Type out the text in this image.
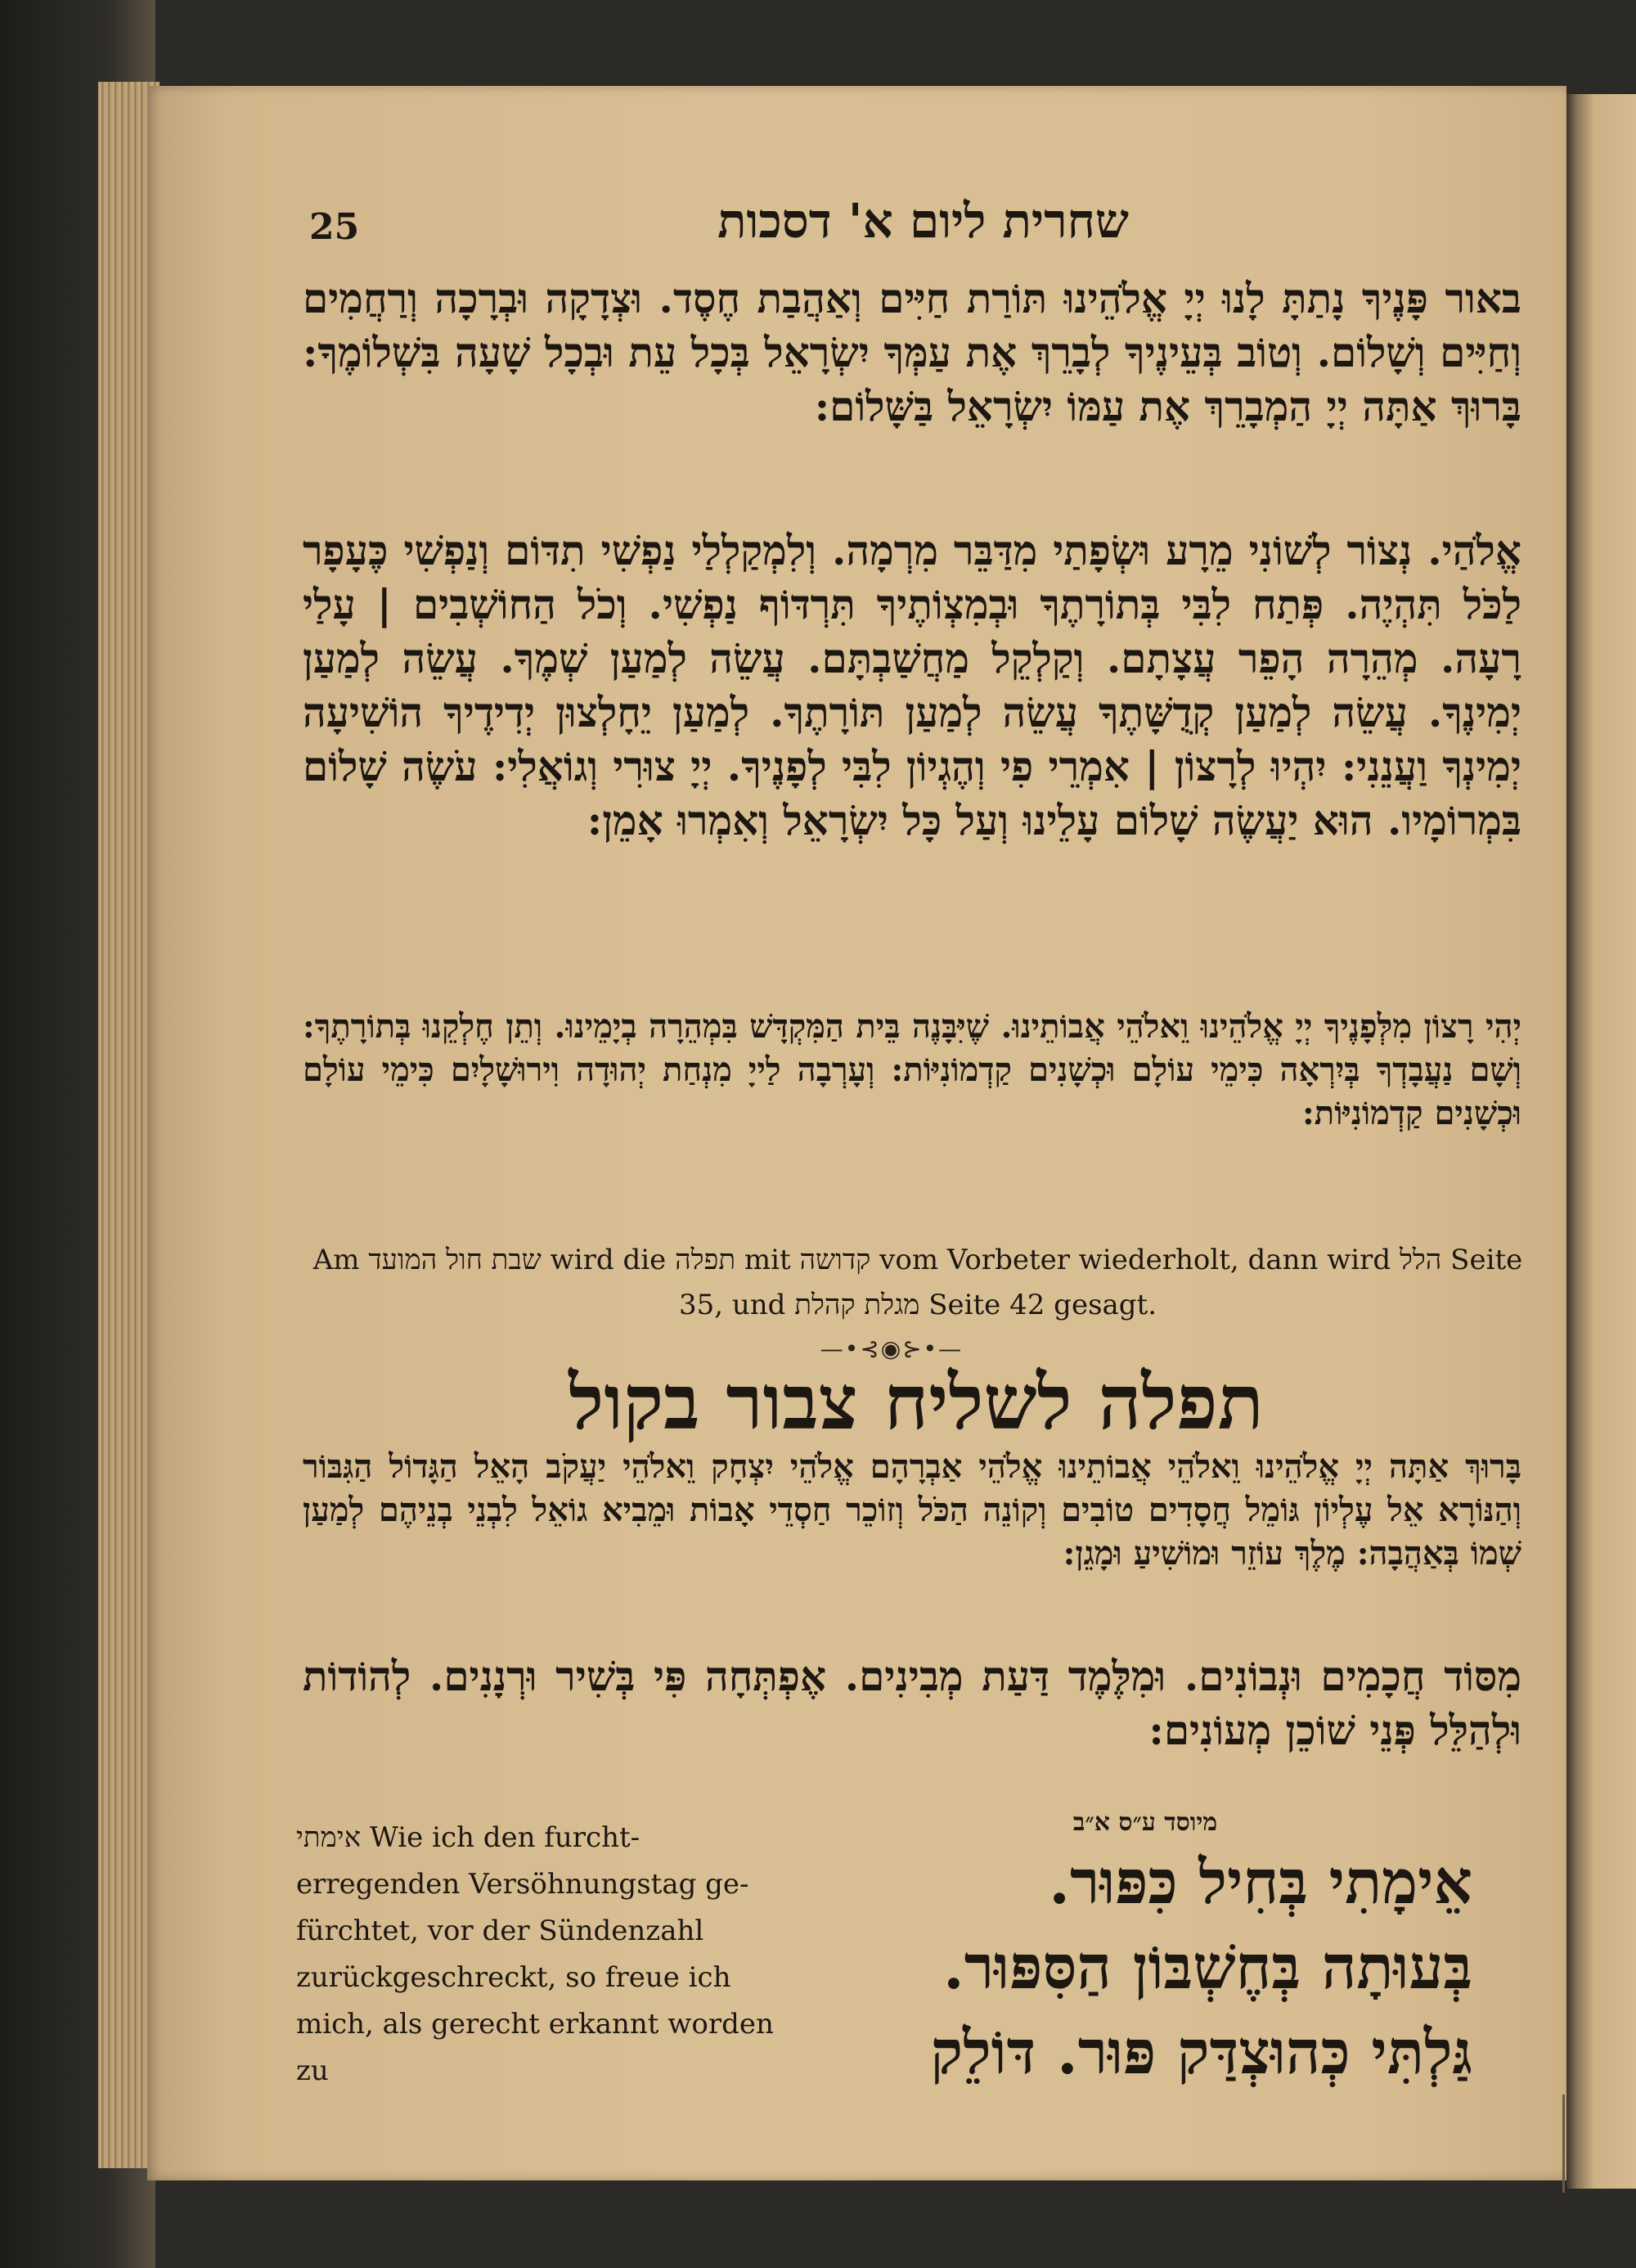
25	שחרית ליום א' דסכות
באור פָּנֶיךָ נָתַתָּ לָנוּ יְיָ אֱלֹהֵינוּ תּוֹרַת חַיִּים וְאַהֲבַת חֶסֶד. וּצְדָקָה וּבְרָכָה וְרַחֲמִים וְחַיִּים וְשָׁלוֹם. וְטוֹב בְּעֵינֶיךָ לְבָרֵךְ אֶת עַמְּךָ יִשְׂרָאֵל בְּכָל עֵת וּבְכָל שָׁעָה בִּשְׁלוֹמֶךָ: בָּרוּךְ אַתָּה יְיָ הַמְבָרֵךְ אֶת עַמּוֹ יִשְׂרָאֵל בַּשָּׁלוֹם:
אֱלֹהַי. נְצוֹר לְשׁוֹנִי מֵרָע וּשְׂפָתַי מִדַּבֵּר מִרְמָה. וְלִמְקַלְלַי נַפְשִׁי תִדּוֹם וְנַפְשִׁי כֶּעָפָר לַכֹּל תִּהְיֶה. פְּתַח לִבִּי בְּתוֹרָתֶךָ וּבְמִצְוֹתֶיךָ תִּרְדּוֹף נַפְשִׁי. וְכֹל הַחוֹשְׁבִים | עָלַי רָעָה. מְהֵרָה הָפֵר עֲצָתָם. וְקַלְקֵל מַחֲשַׁבְתָּם. עֲשֵׂה לְמַעַן שְׁמֶךָ. עֲשֵׂה לְמַעַן יְמִינֶךָ. עֲשֵׂה לְמַעַן קְדֻשָּׁתֶךָ עֲשֵׂה לְמַעַן תּוֹרָתֶךָ. לְמַעַן יֵחָלְצוּן יְדִידֶיךָ הוֹשִׁיעָה יְמִינְךָ וַעֲנֵנִי: יִהְיוּ לְרָצוֹן | אִמְרֵי פִי וְהֶגְיוֹן לִבִּי לְפָנֶיךָ. יְיָ צוּרִי וְגוֹאֲלִי: עֹשֶׂה שָׁלוֹם בִּמְרוֹמָיו. הוּא יַעֲשֶׂה שָׁלוֹם עָלֵינוּ וְעַל כָּל יִשְׂרָאֵל וְאִמְרוּ אָמֵן:
יְהִי רָצוֹן מִלְּפָנֶיךָ יְיָ אֱלֹהֵינוּ וֵאלֹהֵי אֲבוֹתֵינוּ. שֶׁיִּבָּנֶה בֵּית הַמִּקְדָּשׁ בִּמְהֵרָה בְיָמֵינוּ. וְתֵן חֶלְקֵנוּ בְּתוֹרָתֶךָ: וְשָׁם נַעֲבָדְךָ בְּיִרְאָה כִּימֵי עוֹלָם וּכְשָׁנִים קַדְמוֹנִיּוֹת: וְעָרְבָה לַייָ מִנְחַת יְהוּדָה וִירוּשָׁלָיִם כִּימֵי עוֹלָם וּכְשָׁנִים קַדְמוֹנִיּוֹת:
Am שבת חול המועד wird die תפלה mit קדושה vom Vorbeter wiederholt, dann wird הלל Seite 35, und מגלת קהלת Seite 42 gesagt.
—•⊰◉⊱•—
תפלה לשליח צבור בקול
בָּרוּךְ אַתָּה יְיָ אֱלֹהֵינוּ וֵאלֹהֵי אֲבוֹתֵינוּ אֱלֹהֵי אַבְרָהָם אֱלֹהֵי יִצְחָק וֵאלֹהֵי יַעֲקֹב הָאֵל הַגָּדוֹל הַגִּבּוֹר וְהַנּוֹרָא אֵל עֶלְיוֹן גּוֹמֵל חֲסָדִים טוֹבִים וְקוֹנֵה הַכֹּל וְזוֹכֵר חַסְדֵי אָבוֹת וּמֵבִיא גוֹאֵל לִבְנֵי בְנֵיהֶם לְמַעַן שְׁמוֹ בְּאַהֲבָה: מֶלֶךְ עוֹזֵר וּמוֹשִׁיעַ וּמָגֵן:
מִסּוֹד חֲכָמִים וּנְבוֹנִים. וּמִלֶּמֶד דַּעַת מְבִינִים. אֶפְתְּחָה פִּי בְּשִׁיר וּרְנָנִים. לְהוֹדוֹת וּלְהַלֵּל פְּנֵי שׁוֹכֵן מְעוֹנִים:
אימתי Wie ich den furcht- erregenden Versöhnungstag ge- fürchtet, vor der Sündenzahl zurückgeschreckt, so freue ich mich, als gerecht erkannt worden zu
מיוסד ע״ס א״ב
אֵימָתִי בְּחִיל כִּפּוּר.
בְּעוּתָה בְּחֶשְׁבּוֹן הַסִּפּוּר.
גַּלְתִּי כְּהוּצְדַּק פּוּר. דּוֹלֵק
